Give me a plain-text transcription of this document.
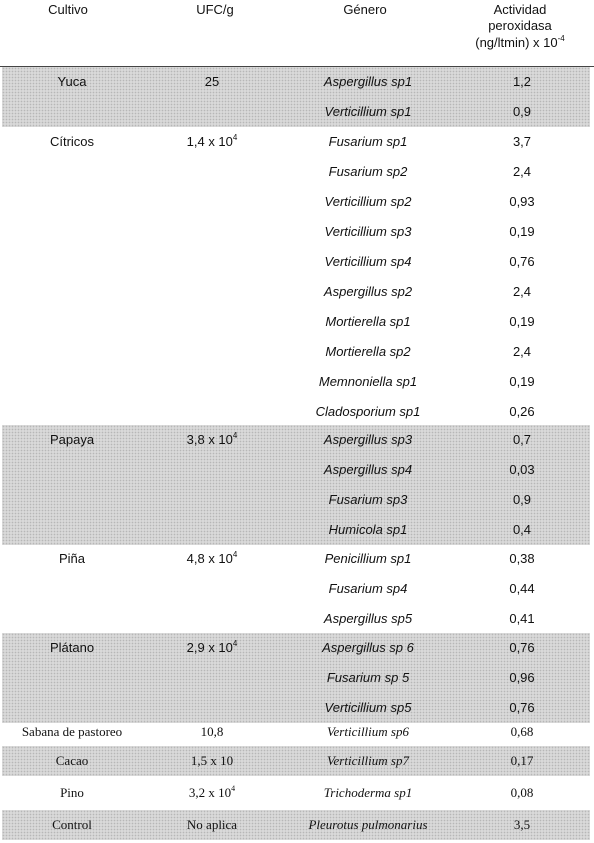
Cultivo	UFC/g	Género	Actividad
peroxidasa
(ng/ltmin) x $10^{-4}$
Yuca	25	Aspergillus sp1	1,2
Verticillium sp1	0,9
Cítricos	1,4 x $10^4$	Fusarium sp1	3,7
Fusarium sp2	2,4
Verticillium sp2	0,93
Verticillium sp3	0,19
Verticillium sp4	0,76
Aspergillus sp2	2,4
Mortierella sp1	0,19
Mortierella sp2	2,4
Memnoniella sp1	0,19
Cladosporium sp1	0,26
Papaya	3,8 x $10^4$	Aspergillus sp3	0,7
Aspergillus sp4	0,03
Fusarium sp3	0,9
Humicola sp1	0,4
Piña	4,8 x $10^4$	Penicillium sp1	0,38
Fusarium sp4	0,44
Aspergillus sp5	0,41
Plátano	2,9 x $10^4$	Aspergillus sp 6	0,76
Fusarium sp 5	0,96
Verticillium sp5	0,76
Sabana de pastoreo	10,8	Verticillium sp6	0,68
Cacao	1,5 x 10	Verticillium sp7	0,17
Pino	3,2 x $10^4$	Trichoderma sp1	0,08
Control	No aplica	Pleurotus pulmonarius	3,5
